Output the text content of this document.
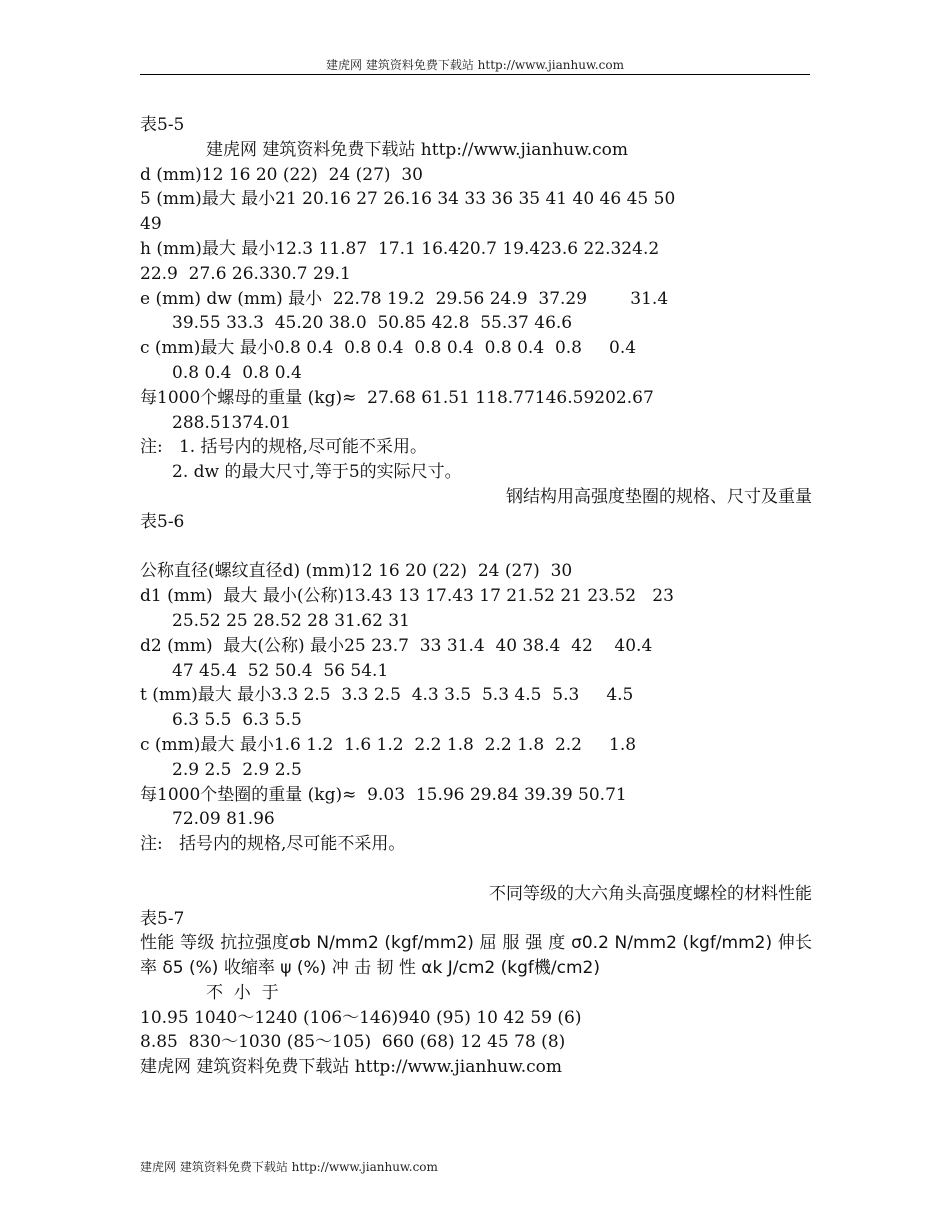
建虎网 建筑资料免费下载站 http://www.jianhuw.com
表5-5
建虎网 建筑资料免费下载站 http://www.jianhuw.com
d (mm)12 16 20 (22)  24 (27)  30
5 (mm)最大 最小21 20.16 27 26.16 34 33 36 35 41 40 46 45 50
49
h (mm)最大 最小12.3 11.87  17.1 16.420.7 19.423.6 22.324.2
22.9  27.6 26.330.7 29.1
e (mm) dw (mm) 最小  22.78 19.2  29.56 24.9  37.29        31.4
39.55 33.3  45.20 38.0  50.85 42.8  55.37 46.6
c (mm)最大 最小0.8 0.4  0.8 0.4  0.8 0.4  0.8 0.4  0.8     0.4
0.8 0.4  0.8 0.4
每1000个螺母的重量 (kg)≈  27.68 61.51 118.77146.59202.67
288.51374.01
注:   1. 括号内的规格,尽可能不采用。
2. dw 的最大尺寸,等于5的实际尺寸。
钢结构用高强度垫圈的规格、尺寸及重量
表5-6
公称直径(螺纹直径d) (mm)12 16 20 (22)  24 (27)  30
d1 (mm)  最大 最小(公称)13.43 13 17.43 17 21.52 21 23.52   23
25.52 25 28.52 28 31.62 31
d2 (mm)  最大(公称) 最小25 23.7  33 31.4  40 38.4  42    40.4
47 45.4  52 50.4  56 54.1
t (mm)最大 最小3.3 2.5  3.3 2.5  4.3 3.5  5.3 4.5  5.3     4.5
6.3 5.5  6.3 5.5
c (mm)最大 最小1.6 1.2  1.6 1.2  2.2 1.8  2.2 1.8  2.2     1.8
2.9 2.5  2.9 2.5
每1000个垫圈的重量 (kg)≈  9.03  15.96 29.84 39.39 50.71
72.09 81.96
注:   括号内的规格,尽可能不采用。
不同等级的大六角头高强度螺栓的材料性能
表5-7
性能 等级 抗拉强度σb N/mm2 (kgf/mm2) 屈 服 强 度 σ0.2 N/mm2 (kgf/mm2) 伸长率 δ5 (%) 收缩率 ψ (%) 冲 击 韧 性 αk J/cm2 (kgf機/cm2)
不  小  于
10.95 1040～1240 (106～146)940 (95) 10 42 59 (6)
8.85  830～1030 (85～105)  660 (68) 12 45 78 (8)
建虎网 建筑资料免费下载站 http://www.jianhuw.com
建虎网 建筑资料免费下载站 http://www.jianhuw.com
